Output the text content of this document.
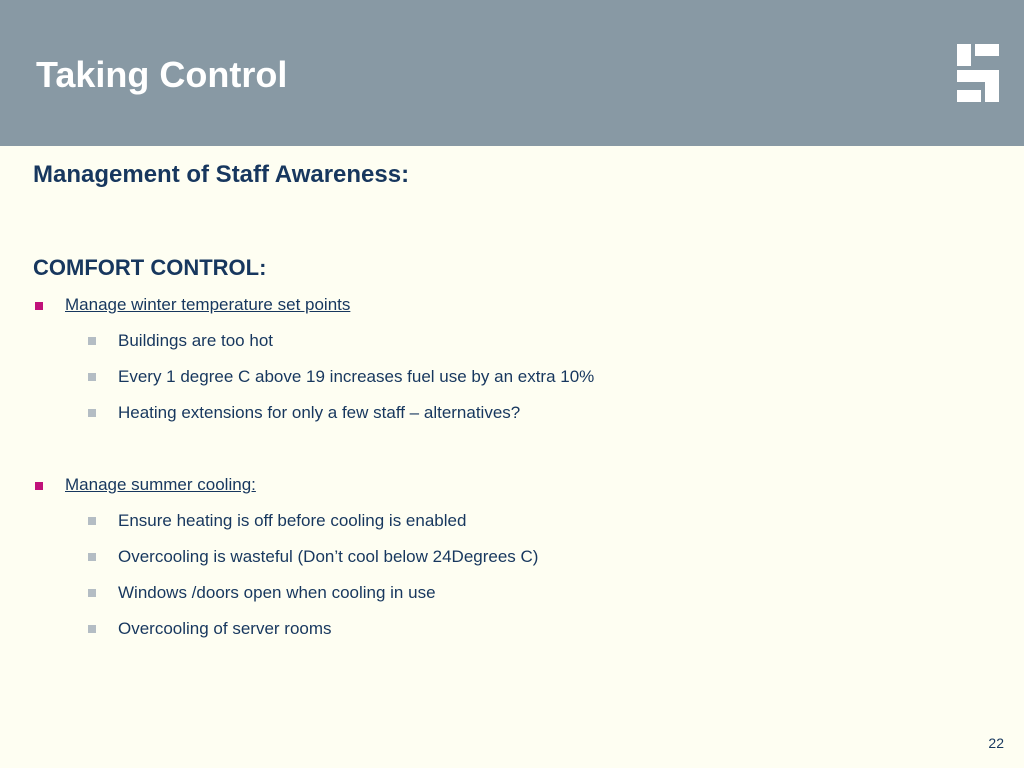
Taking Control
Management of Staff Awareness:
COMFORT CONTROL:
Manage winter temperature set points
Buildings are too hot
Every 1 degree C above 19 increases fuel use by an extra 10%
Heating extensions for only a few staff – alternatives?
Manage summer cooling:
Ensure heating is off before cooling is enabled
Overcooling is wasteful (Don’t cool below 24Degrees C)
Windows /doors open when cooling in use
Overcooling of server rooms
22
